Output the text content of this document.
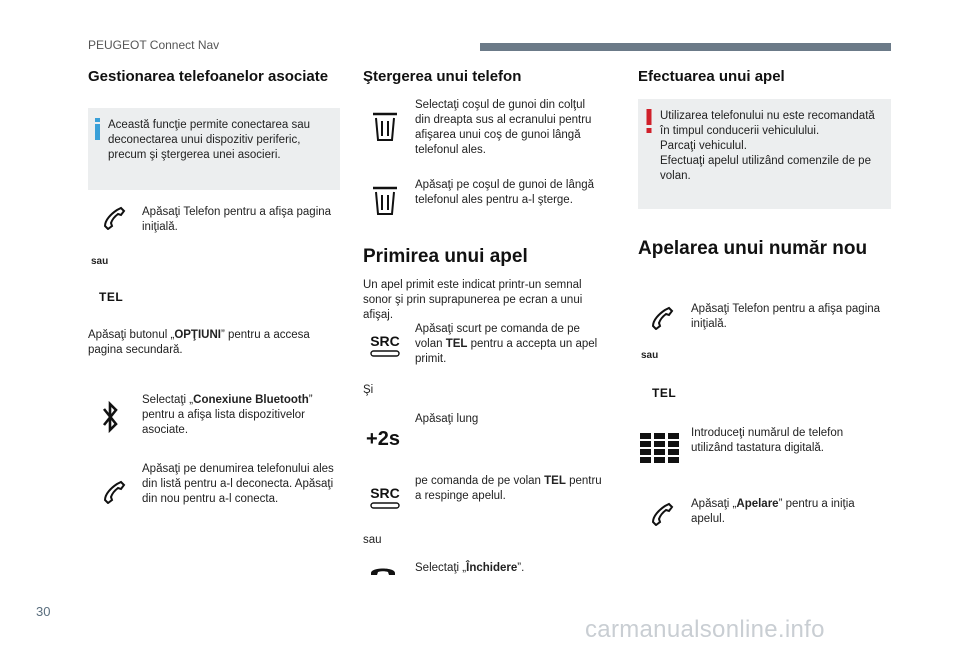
PEUGEOT Connect Nav
Gestionarea telefoanelor asociate
Această funcţie permite conectarea sau deconectarea unui dispozitiv periferic, precum şi ştergerea unei asocieri.
Apăsaţi Telefon pentru a afişa pagina iniţială.
sau
TEL
Apăsaţi butonul „OPŢIUNI” pentru a accesa pagina secundară.
Selectaţi „Conexiune Bluetooth” pentru a afişa lista dispozitivelor asociate.
Apăsaţi pe denumirea telefonului ales din listă pentru a-l deconecta. Apăsaţi din nou pentru a-l conecta.
Ştergerea unui telefon
Selectaţi coşul de gunoi din colţul din dreapta sus al ecranului pentru afişarea unui coş de gunoi lângă telefonul ales.
Apăsaţi pe coşul de gunoi de lângă telefonul ales pentru a-l şterge.
Primirea unui apel
Un apel primit este indicat printr-un semnal sonor şi prin suprapunerea pe ecran a unui afişaj.
SRC
Apăsaţi scurt pe comanda de pe volan TEL pentru a accepta un apel primit.
Şi
+2s
Apăsaţi lung
SRC
pe comanda de pe volan TEL pentru a respinge apelul.
sau
Selectaţi „Închidere”.
Efectuarea unui apel
Utilizarea telefonului nu este recomandată în timpul conducerii vehiculului.
Parcaţi vehiculul.
Efectuaţi apelul utilizând comenzile de pe volan.
Apelarea unui număr nou
Apăsaţi Telefon pentru a afişa pagina iniţială.
sau
TEL
Introduceţi numărul de telefon utilizând tastatura digitală.
Apăsaţi „Apelare” pentru a iniţia apelul.
30
carmanualsonline.info
